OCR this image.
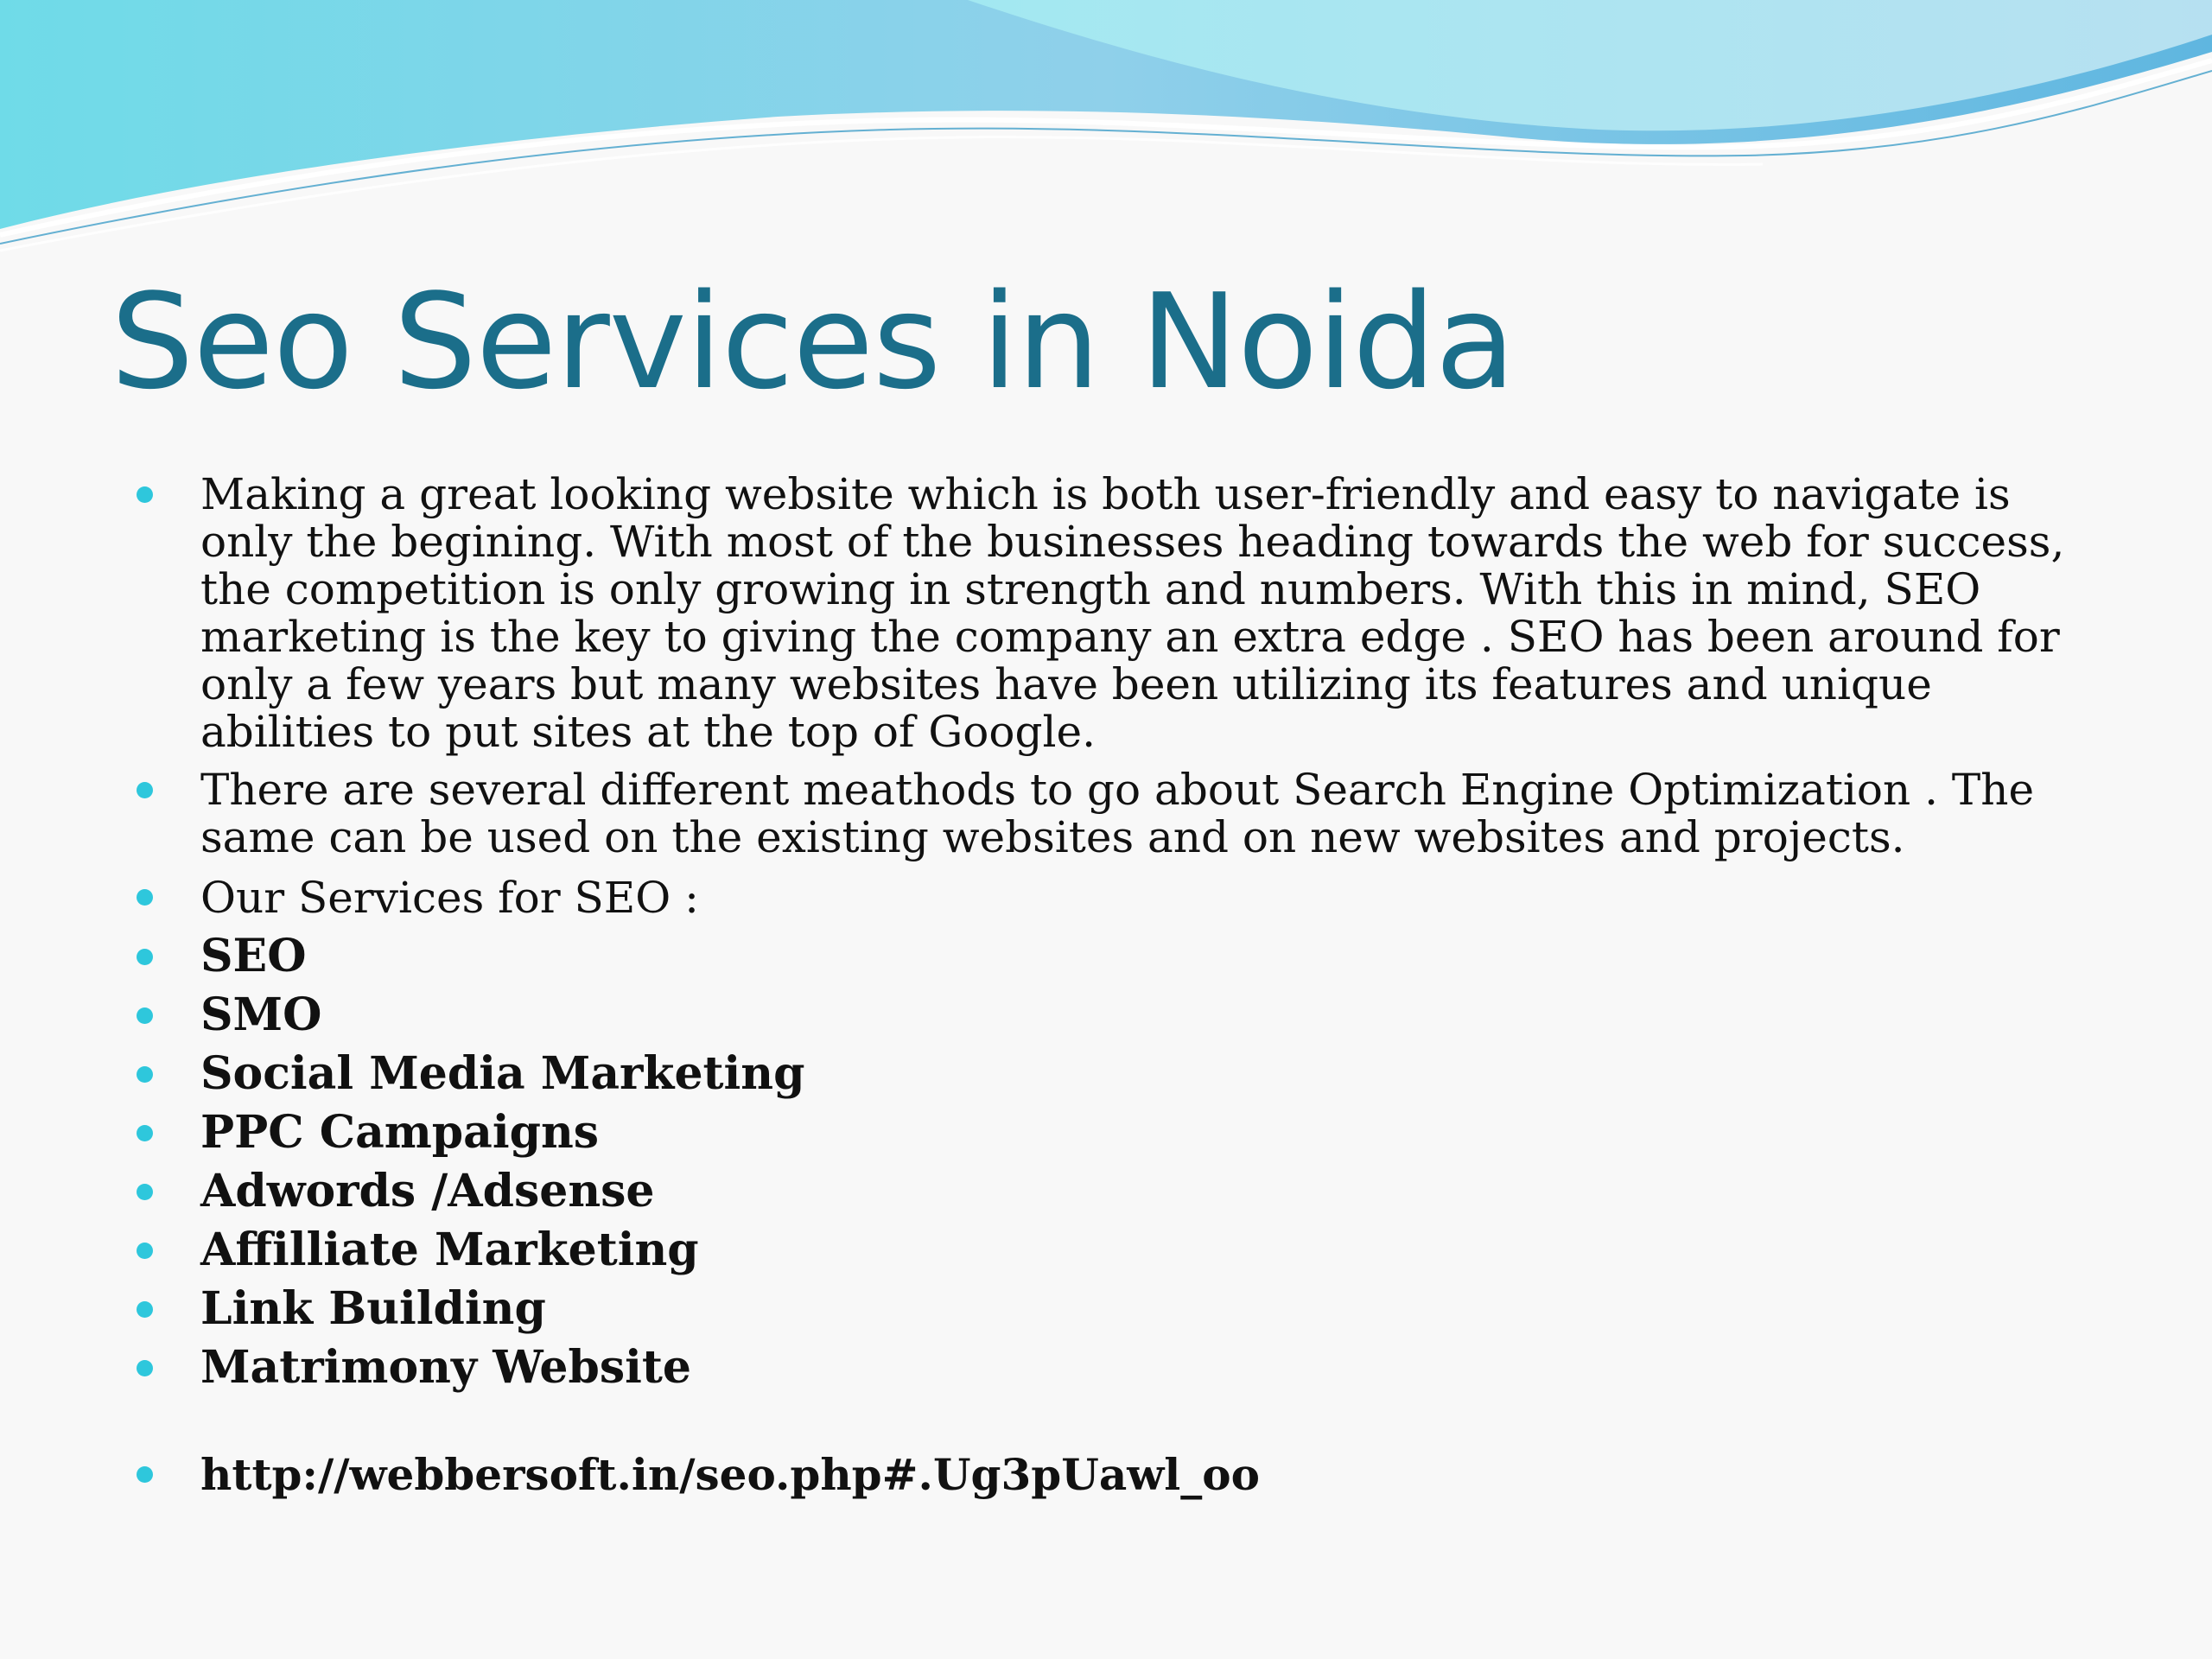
Seo Services in Noida
Making a great looking website which is both user-friendly and easy to navigate is only the begining. With most of the businesses heading towards the web for success, the competition is only growing in strength and numbers. With this in mind, SEO marketing is the key to giving the company an extra edge . SEO has been around for only a few years but many websites have been utilizing its features and unique abilities to put sites at the top of Google.
There are several different meathods to go about Search Engine Optimization . The same can be used on the existing websites and on new websites and projects.
Our Services for SEO :
SEO
SMO
Social Media Marketing
PPC Campaigns
Adwords /Adsense
Affilliate Marketing
Link Building
Matrimony Website
http://webbersoft.in/seo.php#.Ug3pUawl_oo
